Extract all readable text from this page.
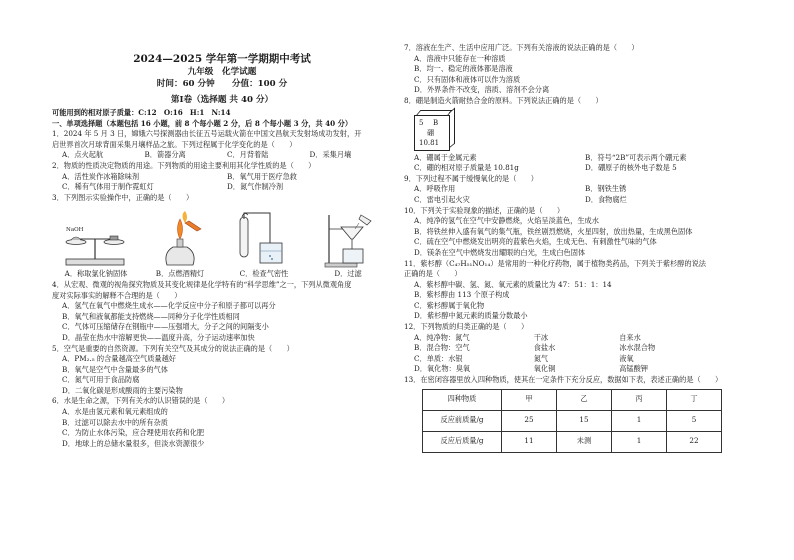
2024—2025 学年第一学期期中考试
九年级　化学试题
时间：60 分钟　　分值：100 分
第Ⅰ卷（选择题 共 40 分）
可能用到的相对原子质量：C:12　O:16　H:1　N:14
一、单项选择题（本题包括 16 小题，前 8 个每小题 2 分，后 8 个每小题 3 分，共 40 分）
1．2024 年 5 月 3 日，嫦娥六号探测器由长征五号运载火箭在中国文昌航天发射场成功发射，开
启世界首次月球背面采集月壤样品之旅。下列过程属于化学变化的是（　　）
A．点火起航	B．箭器分离	C．月背着陆	D．采集月壤
2．物质的性质决定物质的用途。下列物质的用途主要利用其化学性质的是（　　）
A．活性炭作冰箱除味剂	B．氧气用于医疗急救
C．稀有气体用于制作霓虹灯	D．氮气作制冷剂
3．下列图示实验操作中，正确的是（　　）
NaOH
A．称取氯化钠固体	B．点燃酒精灯	C．检查气密性	D．过滤
4．从宏观、微观的视角探究物质及其变化规律是化学特有的“科学思维”之一，下列从微观角度
度对实际事实的解释不合理的是（　　）
A．氢气在氧气中燃烧生成水——化学反应中分子和原子都可以再分
B．氧气和液氧都能支持燃烧——同种分子化学性质相同
C．气体可压缩储存在钢瓶中——压强增大，分子之间的间隔变小
D．晶莹在热水中溶解更快——温度升高，分子运动速率加快
5．空气是重要的自然资源。下列有关空气及其成分的说法正确的是（　　）
A．PM₂.₅ 的含量越高空气质量越好
B．氧气是空气中含量最多的气体
C．氮气可用于食品防腐
D．二氧化碳是形成酸雨的主要污染物
6．水是生命之源，下列有关水的认识错误的是（　　）
A．水是由氢元素和氧元素组成的
B．过滤可以除去水中的所有杂质
C．为防止水体污染，应合理使用农药和化肥
D．地球上的总储水量很多，但淡水资源很少
7．溶液在生产、生活中应用广泛。下列有关溶液的说法正确的是（　　）
A．溶液中只能存在一种溶质
B．均一、稳定的液体都是溶液
C．只有固体和液体可以作为溶质
D．外界条件不改变，溶质、溶剂不会分离
8．硼是制造火箭耐热合金的原料。下列说法正确的是（　　）
5 B
硼
10.81
A．硼属于金属元素	B．符号“2B”可表示两个硼元素
C．硼的相对原子质量是 10.81g	D．硼原子的核外电子数是 5
9．下列过程不属于缓慢氧化的是（　　）
A．呼吸作用	B．钢铁生锈
C．雷电引起火灾	D．食物腐烂
10．下列关于实验现象的描述，正确的是（　　）
A．纯净的氢气在空气中安静燃烧，火焰呈淡蓝色，生成水
B．将铁丝伸入盛有氧气的集气瓶，铁丝剧烈燃烧，火星四射，放出热量，生成黑色固体
C．硫在空气中燃烧发出明亮的蓝紫色火焰，生成无色、有刺激性气味的气体
D．镁条在空气中燃烧发出耀眼的白光，生成白色固体
11．紫杉醇（C₄₇H₅₁NO₁₄）是常用的一种化疗药物，属于植物类药品，下列关于紫杉醇的说法
正确的是（　　）
A．紫杉醇中碳、氢、氮、氧元素的质量比为 47：51：1：14
B．紫杉醇由 113 个原子构成
C．紫杉醇属于氧化物
D．紫杉醇中氮元素的质量分数最小
12．下列物质的归类正确的是（　　）
A．纯净物：氮气	干冰	自来水
B．混合物：空气	食盐水	冰水混合物
C．单质：水银	氮气	液氧
D．氧化物：臭氧	氧化铜	高锰酸钾
13．在密闭容器里放入四种物质，使其在一定条件下充分反应，数据如下表，表述正确的是（　　）
四种物质	甲	乙	丙	丁
反应前质量/g	25	15	1	5
反应后质量/g	11	未测	1	22
